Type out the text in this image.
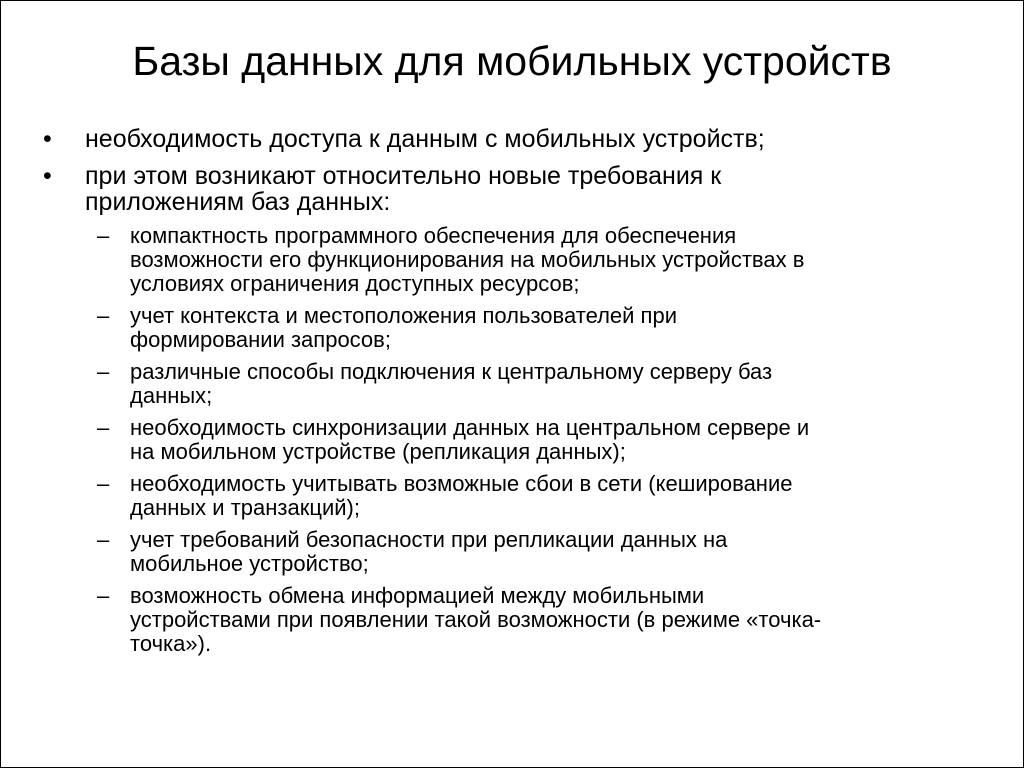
Базы данных для мобильных устройств
• необходимость доступа к данным с мобильных устройств;
• при этом возникают относительно новые требования к
приложениям баз данных:
– компактность программного обеспечения для обеспечения
возможности его функционирования на мобильных устройствах в
условиях ограничения доступных ресурсов;
– учет контекста и местоположения пользователей при
формировании запросов;
– различные способы подключения к центральному серверу баз
данных;
– необходимость синхронизации данных на центральном сервере и
на мобильном устройстве (репликация данных);
– необходимость учитывать возможные сбои в сети (кеширование
данных и транзакций);
– учет требований безопасности при репликации данных на
мобильное устройство;
– возможность обмена информацией между мобильными
устройствами при появлении такой возможности (в режиме «точка-
точка»).
